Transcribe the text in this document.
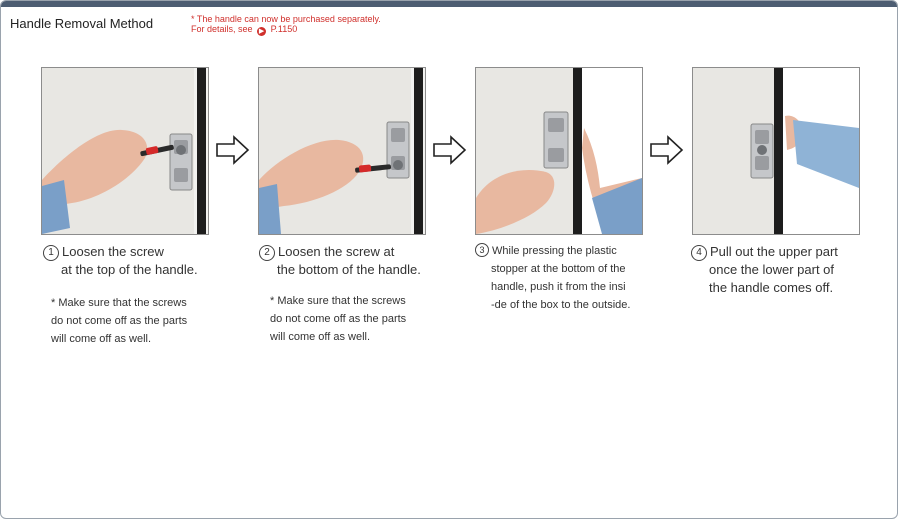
Handle Removal Method	* The handle can now be purchased separately.
For details, see ▶ P.1150
1 Loosen the screw
at the top of the handle.
* Make sure that the screws
do not come off as the parts
will come off as well.
2 Loosen the screw at
the bottom of the handle.
* Make sure that the screws
do not come off as the parts
will come off as well.
3 While pressing the plastic
stopper at the bottom of the
handle, push it from the insi
-de of the box to the outside.
4 Pull out the upper part
once the lower part of
the handle comes off.
